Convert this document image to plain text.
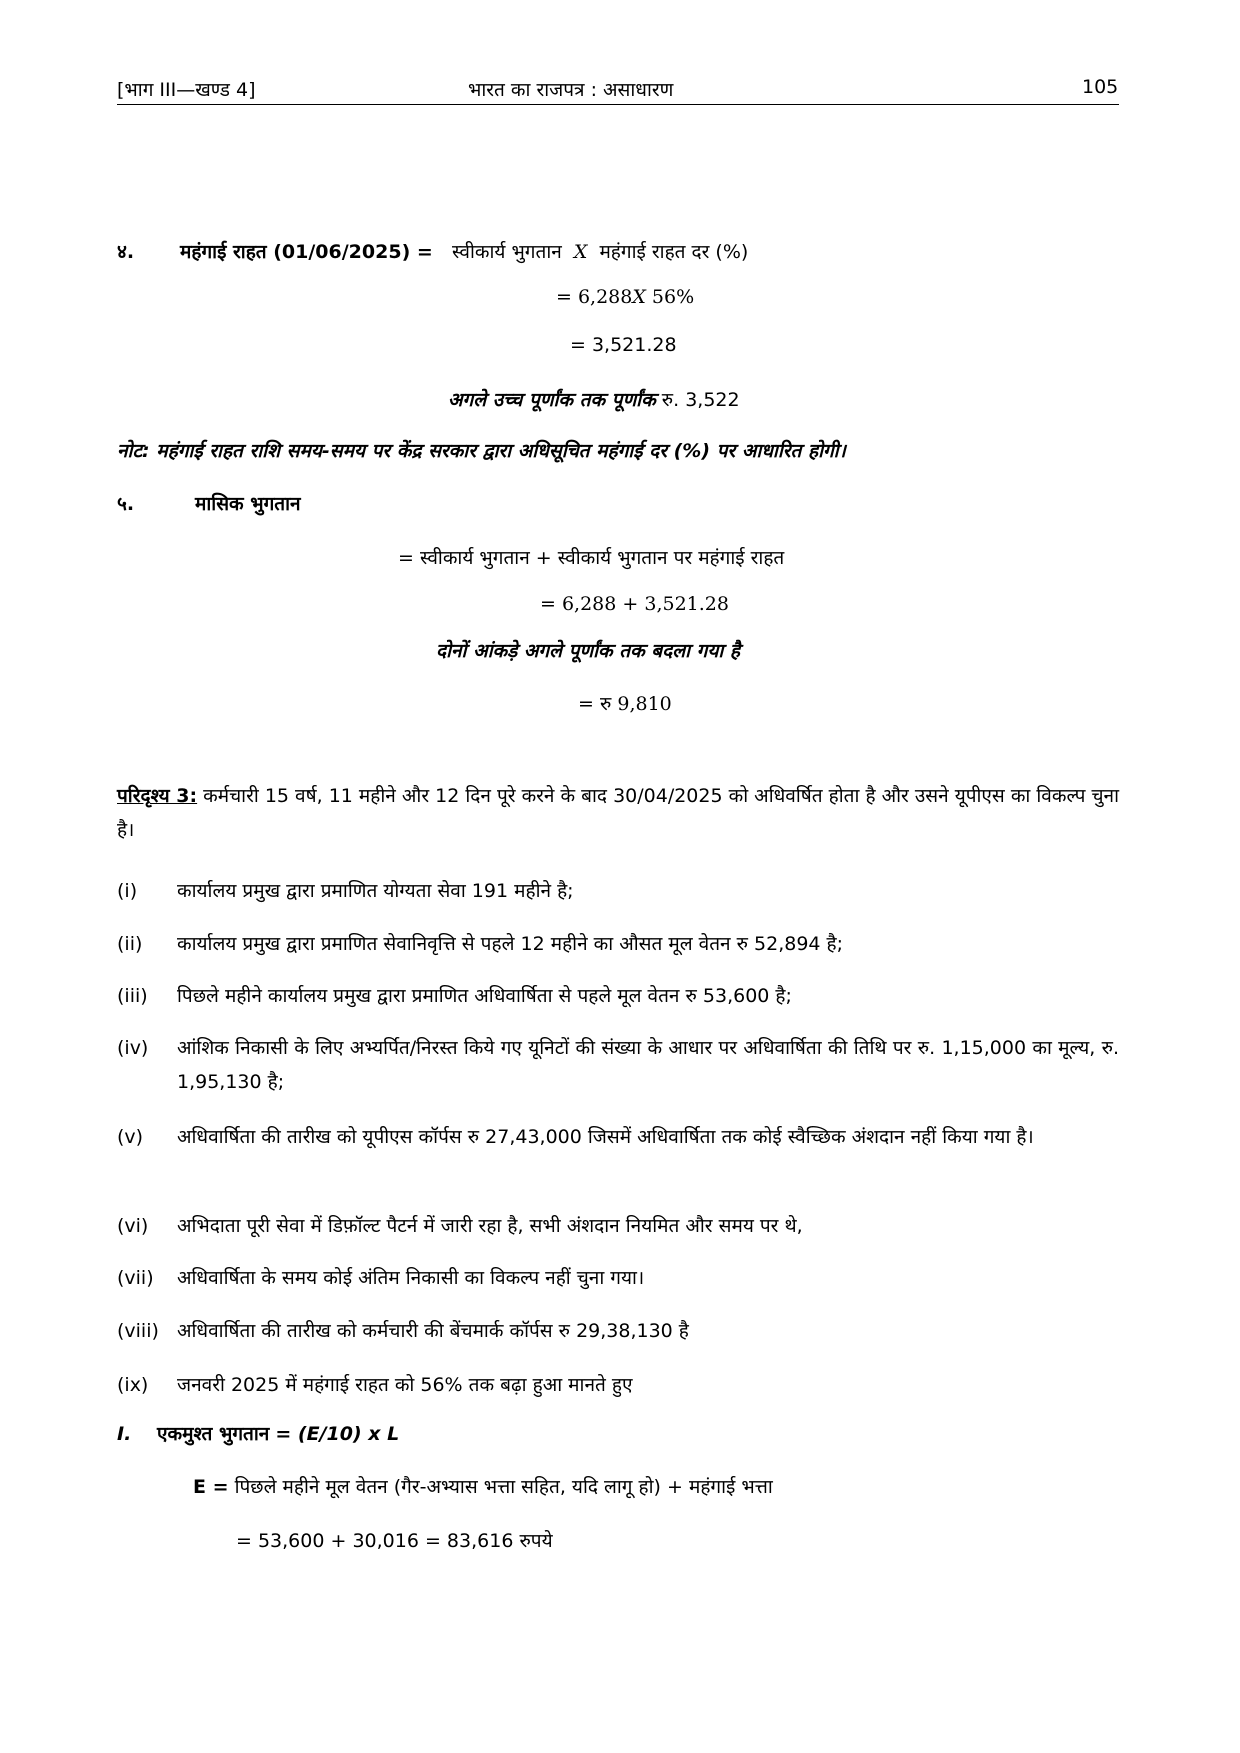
[भाग III—खण्ड 4]	भारत का राजपत्र : असाधारण	105
४. महंगाई राहत (01/06/2025) = स्वीकार्य भुगतान X महंगाई राहत दर (%)
= 6,288X 56%
= 3,521.28
अगले उच्च पूर्णांक तक पूर्णांक रु. 3,522
नोट: महंगाई राहत राशि समय-समय पर केंद्र सरकार द्वारा अधिसूचित महंगाई दर (%) पर आधारित होगी।
५.	मासिक भुगतान
= स्वीकार्य भुगतान + स्वीकार्य भुगतान पर महंगाई राहत
= 6,288 + 3,521.28
दोनों आंकड़े अगले पूर्णांक तक बदला गया है
= रु 9,810
परिदृश्य 3: कर्मचारी 15 वर्ष, 11 महीने और 12 दिन पूरे करने के बाद 30/04/2025 को अधिवर्षित होता है और उसने यूपीएस का विकल्प चुना है।
(i) कार्यालय प्रमुख द्वारा प्रमाणित योग्यता सेवा 191 महीने है;
(ii) कार्यालय प्रमुख द्वारा प्रमाणित सेवानिवृत्ति से पहले 12 महीने का औसत मूल वेतन रु 52,894 है;
(iii) पिछले महीने कार्यालय प्रमुख द्वारा प्रमाणित अधिवार्षिता से पहले मूल वेतन रु 53,600 है;
(iv) आंशिक निकासी के लिए अभ्यर्पित/निरस्त किये गए यूनिटों की संख्या के आधार पर अधिवार्षिता की तिथि पर रु. 1,15,000 का मूल्य, रु. 1,95,130 है;
(v) अधिवार्षिता की तारीख को यूपीएस कॉर्पस रु 27,43,000 जिसमें अधिवार्षिता तक कोई स्वैच्छिक अंशदान नहीं किया गया है।
(vi) अभिदाता पूरी सेवा में डिफ़ॉल्ट पैटर्न में जारी रहा है, सभी अंशदान नियमित और समय पर थे,
(vii) अधिवार्षिता के समय कोई अंतिम निकासी का विकल्प नहीं चुना गया।
(viii) अधिवार्षिता की तारीख को कर्मचारी की बेंचमार्क कॉर्पस रु 29,38,130 है
(ix) जनवरी 2025 में महंगाई राहत को 56% तक बढ़ा हुआ मानते हुए
I. एकमुश्त भुगतान = (E/10) x L
E = पिछले महीने मूल वेतन (गैर-अभ्यास भत्ता सहित, यदि लागू हो) + महंगाई भत्ता
= 53,600 + 30,016 = 83,616 रुपये
